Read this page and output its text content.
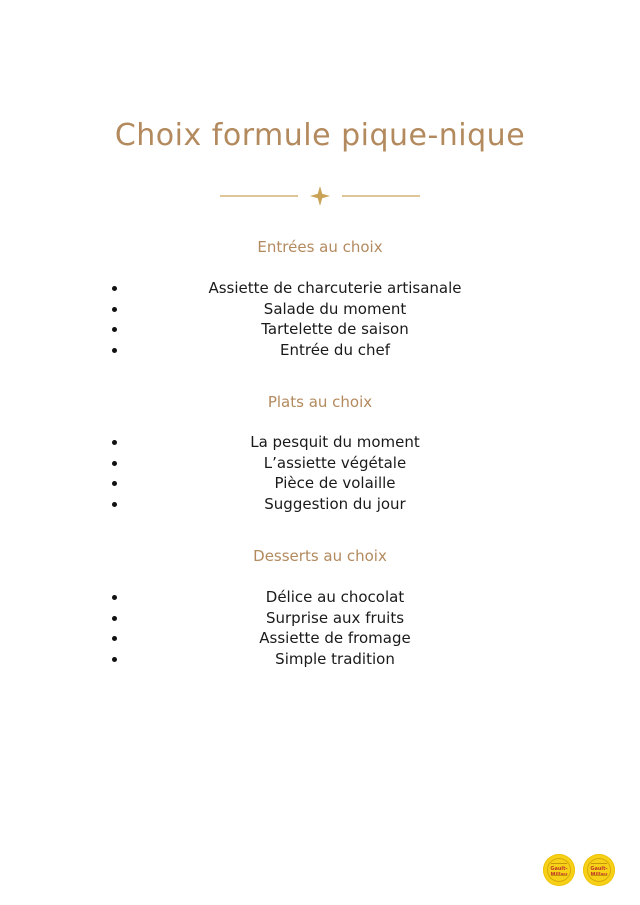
Choix formule pique-nique
Entrées au choix
Assiette de charcuterie artisanale
Salade du moment
Tartelette de saison
Entrée du chef
Plats au choix
La pesquit du moment
L’assiette végétale
Pièce de volaille
Suggestion du jour
Desserts au choix
Délice au chocolat
Surprise aux fruits
Assiette de fromage
Simple tradition
Gault-	Gault-
